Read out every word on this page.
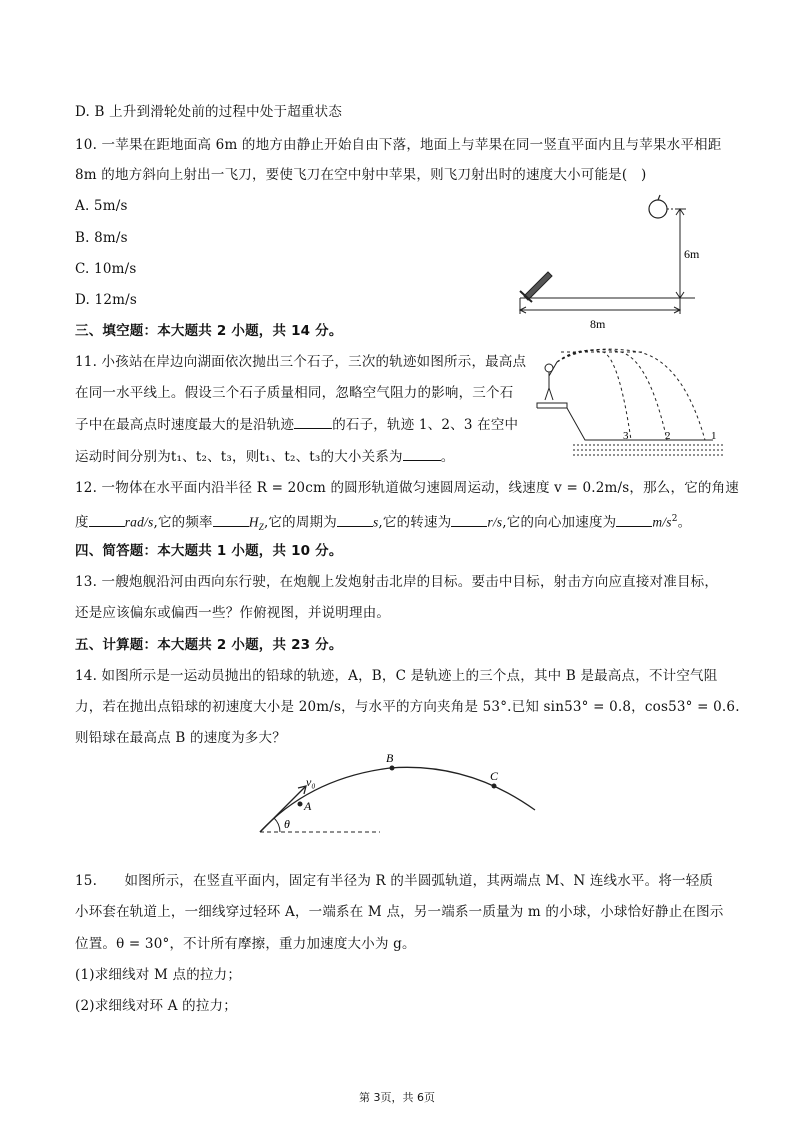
D. B 上升到滑轮处前的过程中处于超重状态
10. 一苹果在距地面高 6m 的地方由静止开始自由下落，地面上与苹果在同一竖直平面内且与苹果水平相距
8m 的地方斜向上射出一飞刀，要使飞刀在空中射中苹果，则飞刀射出时的速度大小可能是(　)
A. 5m/s
B. 8m/s
C. 10m/s
D. 12m/s
6m
8m
三、填空题：本大题共 2 小题，共 14 分。
11. 小孩站在岸边向湖面依次抛出三个石子，三次的轨迹如图所示，最高点
在同一水平线上。假设三个石子质量相同，忽略空气阻力的影响，三个石
子中在最高点时速度最大的是沿轨迹	的石子，轨迹 1、2、3 在空中
运动时间分别为t₁、t₂、t₃，则t₁、t₂、t₃的大小关系为	。
3	2	1
12. 一物体在水平面内沿半径 R = 20cm 的圆形轨道做匀速圆周运动，线速度 v = 0.2m/s，那么，它的角速
度	rad/s,它的频率	$H_Z$,它的周期为	s,它的转速为	r/s,它的向心加速度为	$m/s^2$。
四、简答题：本大题共 1 小题，共 10 分。
13. 一艘炮舰沿河由西向东行驶，在炮舰上发炮射击北岸的目标。要击中目标，射击方向应直接对准目标，
还是应该偏东或偏西一些？作俯视图，并说明理由。
五、计算题：本大题共 2 小题，共 23 分。
14. 如图所示是一运动员抛出的铅球的轨迹，A，B，C 是轨迹上的三个点，其中 B 是最高点，不计空气阻
力，若在抛出点铅球的初速度大小是 20m/s，与水平的方向夹角是 53°.已知 sin53° = 0.8，cos53° = 0.6.
则铅球在最高点 B 的速度为多大？
v₀
A
B
C
θ
15.　　如图所示，在竖直平面内，固定有半径为 R 的半圆弧轨道，其两端点 M、N 连线水平。将一轻质
小环套在轨道上，一细线穿过轻环 A，一端系在 M 点，另一端系一质量为 m 的小球，小球恰好静止在图示
位置。θ = 30°，不计所有摩擦，重力加速度大小为 g。
(1)求细线对 M 点的拉力；
(2)求细线对环 A 的拉力；
第 3页，共 6页
